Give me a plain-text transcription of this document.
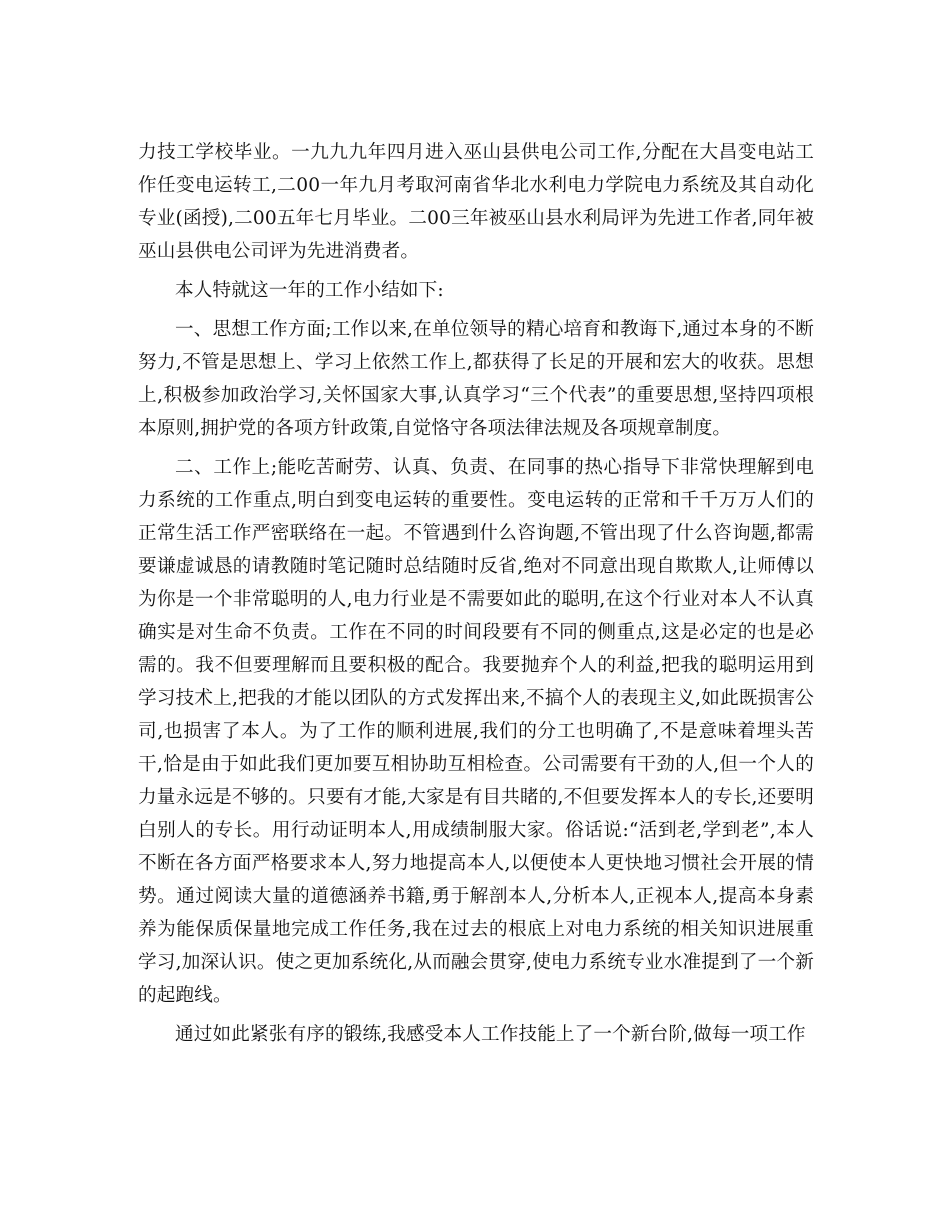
力技工学校毕业。一九九九年四月进入巫山县供电公司工作,分配在大昌变电站工作任变电运转工,二00一年九月考取河南省华北水利电力学院电力系统及其自动化专业(函授),二00五年七月毕业。二00三年被巫山县水利局评为先进工作者,同年被巫山县供电公司评为先进消费者。

本人特就这一年的工作小结如下:

一、思想工作方面;工作以来,在单位领导的精心培育和教诲下,通过本身的不断努力,不管是思想上、学习上依然工作上,都获得了长足的开展和宏大的收获。思想上,积极参加政治学习,关怀国家大事,认真学习“三个代表”的重要思想,坚持四项根本原则,拥护党的各项方针政策,自觉恪守各项法律法规及各项规章制度。

二、工作上;能吃苦耐劳、认真、负责、在同事的热心指导下非常快理解到电力系统的工作重点,明白到变电运转的重要性。变电运转的正常和千千万万人们的正常生活工作严密联络在一起。不管遇到什么咨询题,不管出现了什么咨询题,都需要谦虚诚恳的请教随时笔记随时总结随时反省,绝对不同意出现自欺欺人,让师傅以为你是一个非常聪明的人,电力行业是不需要如此的聪明,在这个行业对本人不认真确实是对生命不负责。工作在不同的时间段要有不同的侧重点,这是必定的也是必需的。我不但要理解而且要积极的配合。我要抛弃个人的利益,把我的聪明运用到学习技术上,把我的才能以团队的方式发挥出来,不搞个人的表现主义,如此既损害公司,也损害了本人。为了工作的顺利进展,我们的分工也明确了,不是意味着埋头苦干,恰是由于如此我们更加要互相协助互相检查。公司需要有干劲的人,但一个人的力量永远是不够的。只要有才能,大家是有目共睹的,不但要发挥本人的专长,还要明白别人的专长。用行动证明本人,用成绩制服大家。俗话说:“活到老,学到老”,本人不断在各方面严格要求本人,努力地提高本人,以便使本人更快地习惯社会开展的情势。通过阅读大量的道德涵养书籍,勇于解剖本人,分析本人,正视本人,提高本身素养为能保质保量地完成工作任务,我在过去的根底上对电力系统的相关知识进展重学习,加深认识。使之更加系统化,从而融会贯穿,使电力系统专业水准提到了一个新的起跑线。

通过如此紧张有序的锻练,我感受本人工作技能上了一个新台阶,做每一项工作
